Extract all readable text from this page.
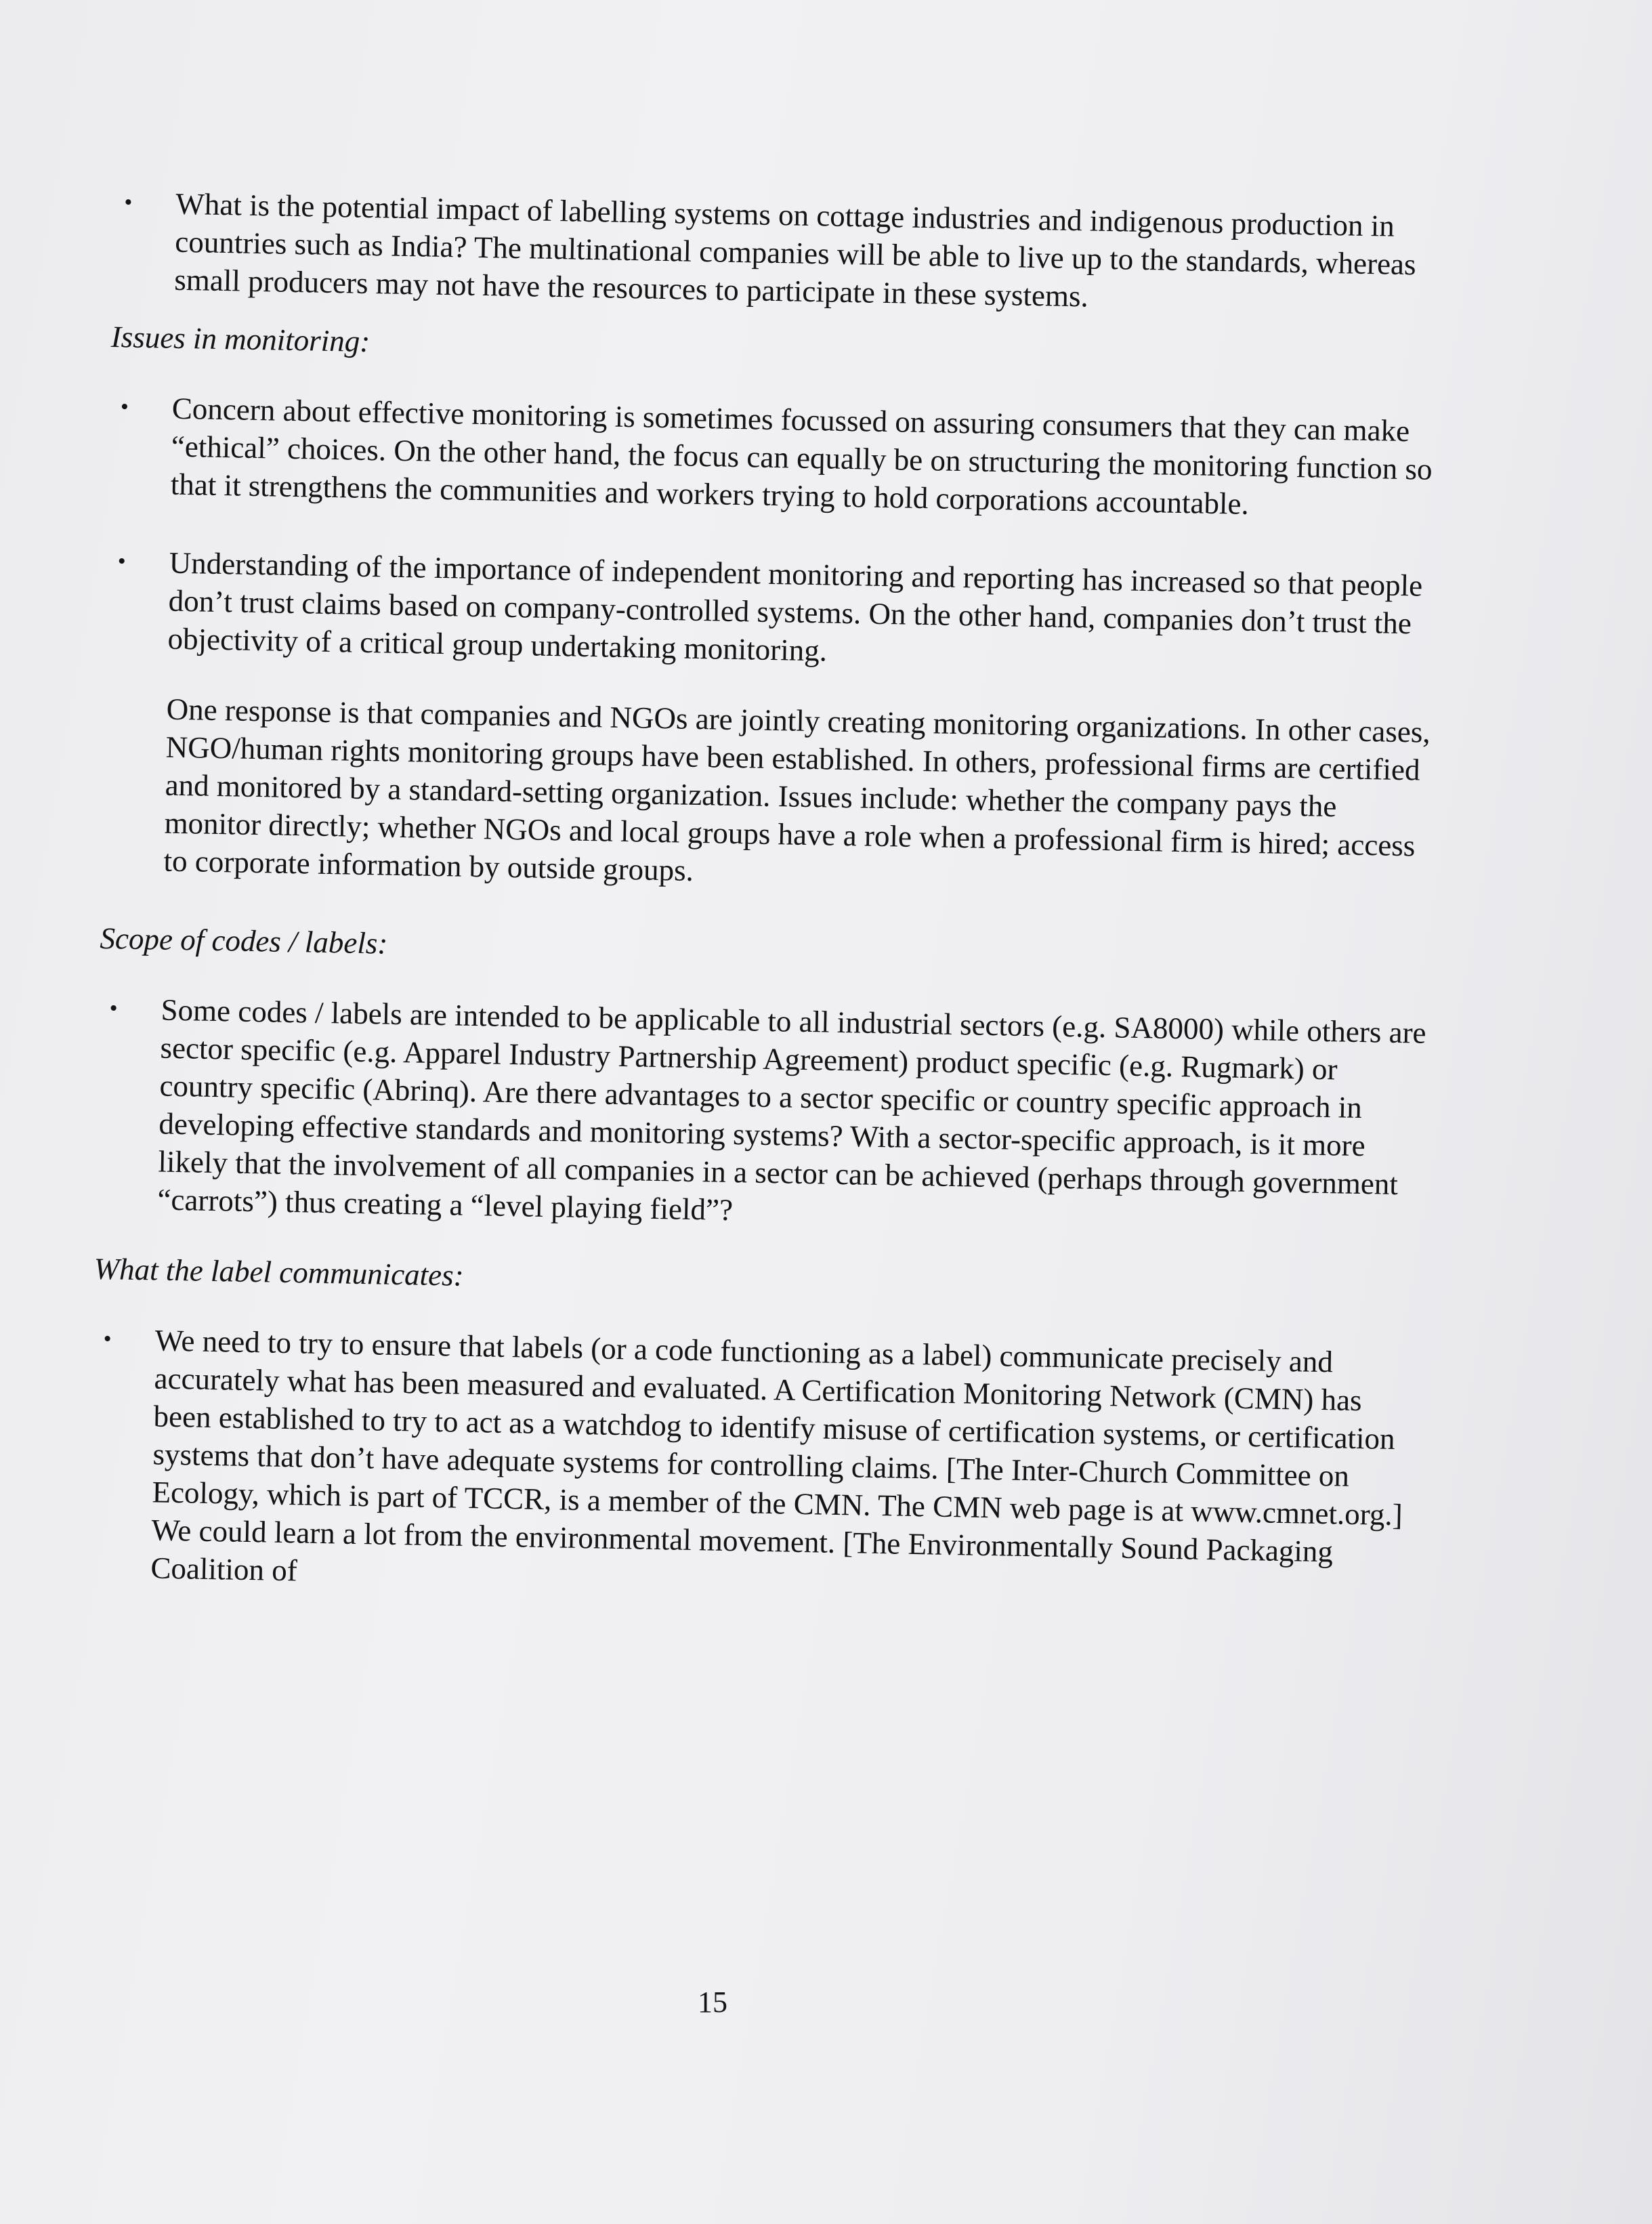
•	What is the potential impact of labelling systems on cottage industries and indigenous production in countries such as India? The multinational companies will be able to live up to the standards, whereas small producers may not have the resources to participate in these systems.
Issues in monitoring:
•	Concern about effective monitoring is sometimes focussed on assuring consumers that they can make “ethical” choices. On the other hand, the focus can equally be on structuring the monitoring function so that it strengthens the communities and workers trying to hold corporations accountable.
•	Understanding of the importance of independent monitoring and reporting has increased so that people don’t trust claims based on company-controlled systems. On the other hand, companies don’t trust the objectivity of a critical group undertaking monitoring.
One response is that companies and NGOs are jointly creating monitoring organizations. In other cases, NGO/human rights monitoring groups have been established. In others, professional firms are certified and monitored by a standard-setting organization. Issues include: whether the company pays the monitor directly; whether NGOs and local groups have a role when a professional firm is hired; access to corporate information by outside groups.
Scope of codes / labels:
•	Some codes / labels are intended to be applicable to all industrial sectors (e.g. SA8000) while others are sector specific (e.g. Apparel Industry Partnership Agreement) product specific (e.g. Rugmark) or country specific (Abrinq). Are there advantages to a sector specific or country specific approach in developing effective standards and monitoring systems? With a sector-specific approach, is it more likely that the involvement of all companies in a sector can be achieved (perhaps through government “carrots”) thus creating a “level playing field”?
What the label communicates:
•	We need to try to ensure that labels (or a code functioning as a label) communicate precisely and accurately what has been measured and evaluated. A Certification Monitoring Network (CMN) has been established to try to act as a watchdog to identify misuse of certification systems, or certification systems that don’t have adequate systems for controlling claims. [The Inter-Church Committee on Ecology, which is part of TCCR, is a member of the CMN. The CMN web page is at www.cmnet.org.] We could learn a lot from the environmental movement. [The Environmentally Sound Packaging Coalition of
15
